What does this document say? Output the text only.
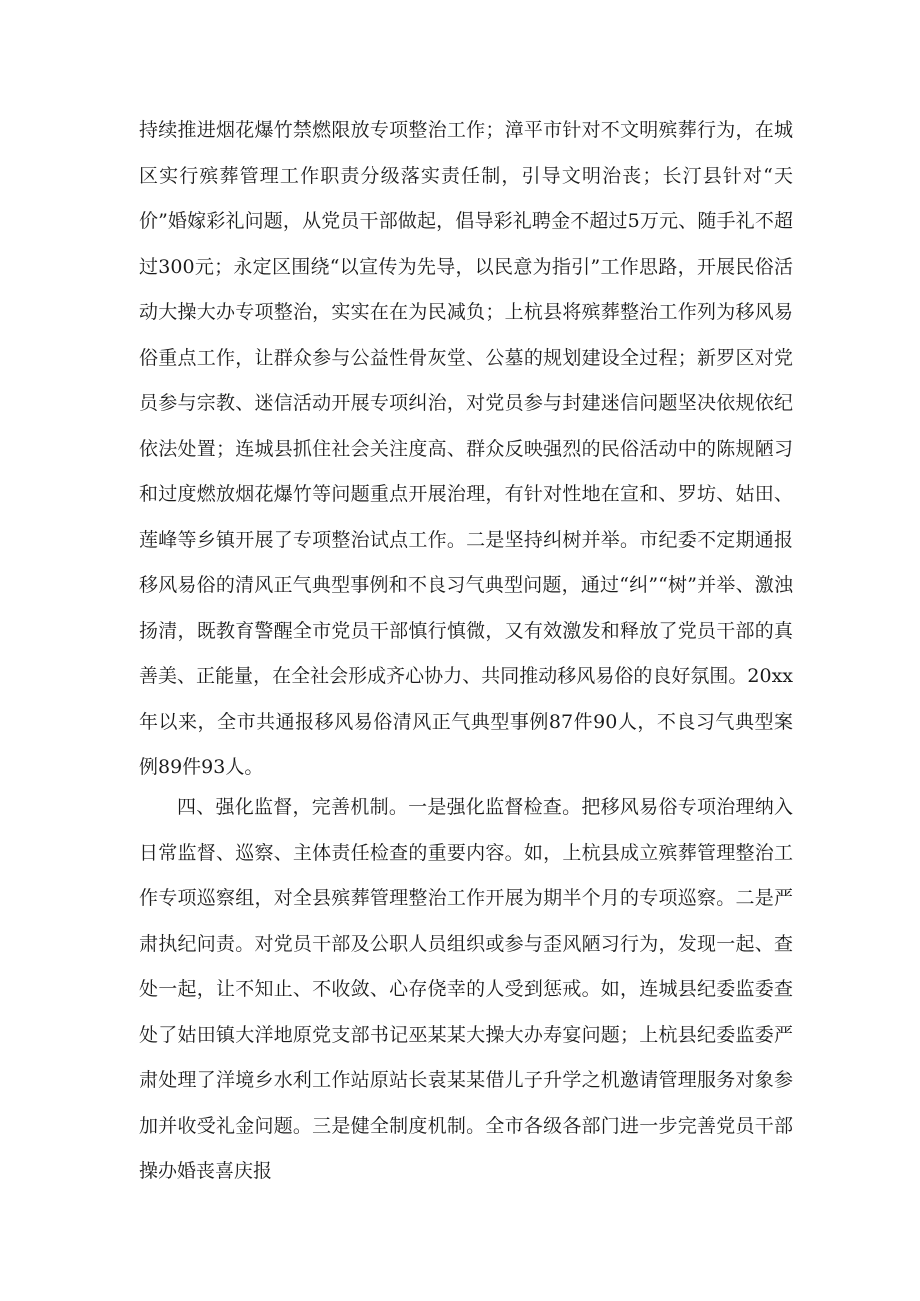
持续推进烟花爆竹禁燃限放专项整治工作；漳平市针对不文明殡葬行为，在城区实行殡葬管理工作职责分级落实责任制，引导文明治丧；长汀县针对“天价”婚嫁彩礼问题，从党员干部做起，倡导彩礼聘金不超过5万元、随手礼不超过300元；永定区围绕“以宣传为先导，以民意为指引”工作思路，开展民俗活动大操大办专项整治，实实在在为民减负；上杭县将殡葬整治工作列为移风易俗重点工作，让群众参与公益性骨灰堂、公墓的规划建设全过程；新罗区对党员参与宗教、迷信活动开展专项纠治，对党员参与封建迷信问题坚决依规依纪依法处置；连城县抓住社会关注度高、群众反映强烈的民俗活动中的陈规陋习和过度燃放烟花爆竹等问题重点开展治理，有针对性地在宣和、罗坊、姑田、莲峰等乡镇开展了专项整治试点工作。二是坚持纠树并举。市纪委不定期通报移风易俗的清风正气典型事例和不良习气典型问题，通过“纠”“树”并举、激浊扬清，既教育警醒全市党员干部慎行慎微，又有效激发和释放了党员干部的真善美、正能量，在全社会形成齐心协力、共同推动移风易俗的良好氛围。20xx年以来，全市共通报移风易俗清风正气典型事例87件90人，不良习气典型案例89件93人。

四、强化监督，完善机制。一是强化监督检查。把移风易俗专项治理纳入日常监督、巡察、主体责任检查的重要内容。如，上杭县成立殡葬管理整治工作专项巡察组，对全县殡葬管理整治工作开展为期半个月的专项巡察。二是严肃执纪问责。对党员干部及公职人员组织或参与歪风陋习行为，发现一起、查处一起，让不知止、不收敛、心存侥幸的人受到惩戒。如，连城县纪委监委查处了姑田镇大洋地原党支部书记巫某某大操大办寿宴问题；上杭县纪委监委严肃处理了洋境乡水利工作站原站长袁某某借儿子升学之机邀请管理服务对象参加并收受礼金问题。三是健全制度机制。全市各级各部门进一步完善党员干部操办婚丧喜庆报
